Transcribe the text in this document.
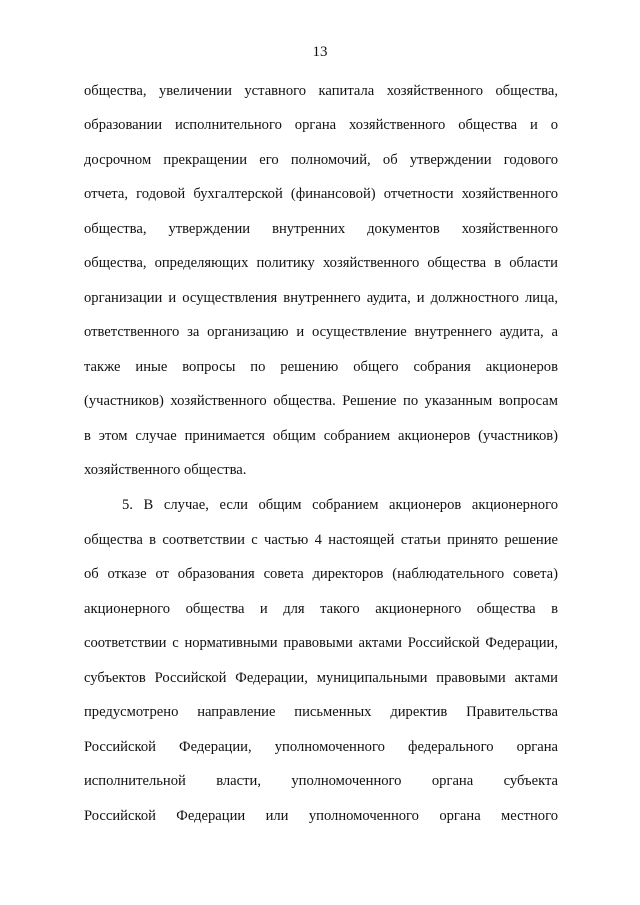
13
общества, увеличении уставного капитала хозяйственного общества,
образовании исполнительного органа хозяйственного общества и о
досрочном прекращении его полномочий, об утверждении годового
отчета, годовой бухгалтерской (финансовой) отчетности хозяйственного
общества, утверждении внутренних документов хозяйственного
общества, определяющих политику хозяйственного общества в области
организации и осуществления внутреннего аудита, и должностного лица,
ответственного за организацию и осуществление внутреннего аудита, а
также иные вопросы по решению общего собрания акционеров
(участников) хозяйственного общества. Решение по указанным вопросам
в этом случае принимается общим собранием акционеров (участников)
хозяйственного общества.
5. В случае, если общим собранием акционеров акционерного
общества в соответствии с частью 4 настоящей статьи принято решение
об отказе от образования совета директоров (наблюдательного совета)
акционерного общества и для такого акционерного общества в
соответствии с нормативными правовыми актами Российской Федерации,
субъектов Российской Федерации, муниципальными правовыми актами
предусмотрено направление письменных директив Правительства
Российской Федерации, уполномоченного федерального органа
исполнительной власти, уполномоченного органа субъекта
Российской Федерации или уполномоченного органа местного
